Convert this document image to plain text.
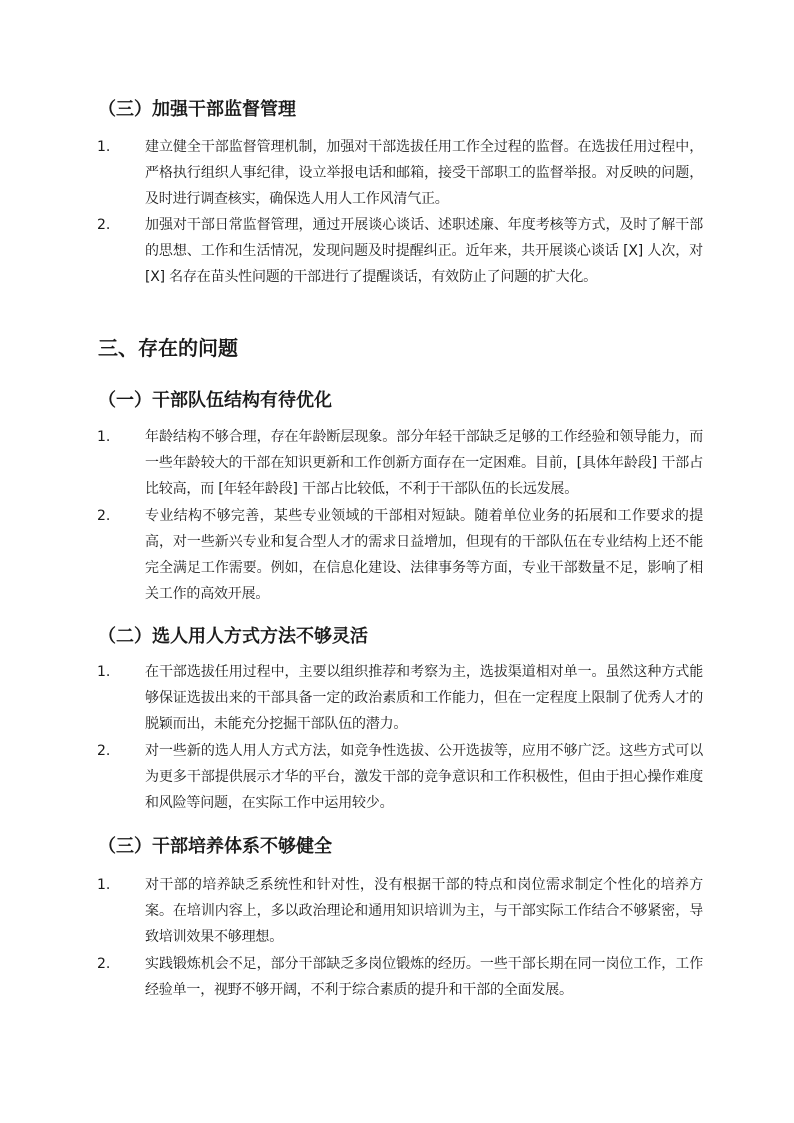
（三）加强干部监督管理
1. 建立健全干部监督管理机制，加强对干部选拔任用工作全过程的监督。在选拔任用过程中，严格执行组织人事纪律，设立举报电话和邮箱，接受干部职工的监督举报。对反映的问题，及时进行调查核实，确保选人用人工作风清气正。
2. 加强对干部日常监督管理，通过开展谈心谈话、述职述廉、年度考核等方式，及时了解干部的思想、工作和生活情况，发现问题及时提醒纠正。近年来，共开展谈心谈话 [X] 人次，对 [X] 名存在苗头性问题的干部进行了提醒谈话，有效防止了问题的扩大化。
三、存在的问题
（一）干部队伍结构有待优化
1. 年龄结构不够合理，存在年龄断层现象。部分年轻干部缺乏足够的工作经验和领导能力，而一些年龄较大的干部在知识更新和工作创新方面存在一定困难。目前，[具体年龄段] 干部占比较高，而 [年轻年龄段] 干部占比较低，不利于干部队伍的长远发展。
2. 专业结构不够完善，某些专业领域的干部相对短缺。随着单位业务的拓展和工作要求的提高，对一些新兴专业和复合型人才的需求日益增加，但现有的干部队伍在专业结构上还不能完全满足工作需要。例如，在信息化建设、法律事务等方面，专业干部数量不足，影响了相关工作的高效开展。
（二）选人用人方式方法不够灵活
1. 在干部选拔任用过程中，主要以组织推荐和考察为主，选拔渠道相对单一。虽然这种方式能够保证选拔出来的干部具备一定的政治素质和工作能力，但在一定程度上限制了优秀人才的脱颖而出，未能充分挖掘干部队伍的潜力。
2. 对一些新的选人用人方式方法，如竞争性选拔、公开选拔等，应用不够广泛。这些方式可以为更多干部提供展示才华的平台，激发干部的竞争意识和工作积极性，但由于担心操作难度和风险等问题，在实际工作中运用较少。
（三）干部培养体系不够健全
1. 对干部的培养缺乏系统性和针对性，没有根据干部的特点和岗位需求制定个性化的培养方案。在培训内容上，多以政治理论和通用知识培训为主，与干部实际工作结合不够紧密，导致培训效果不够理想。
2. 实践锻炼机会不足，部分干部缺乏多岗位锻炼的经历。一些干部长期在同一岗位工作，工作经验单一，视野不够开阔，不利于综合素质的提升和干部的全面发展。
